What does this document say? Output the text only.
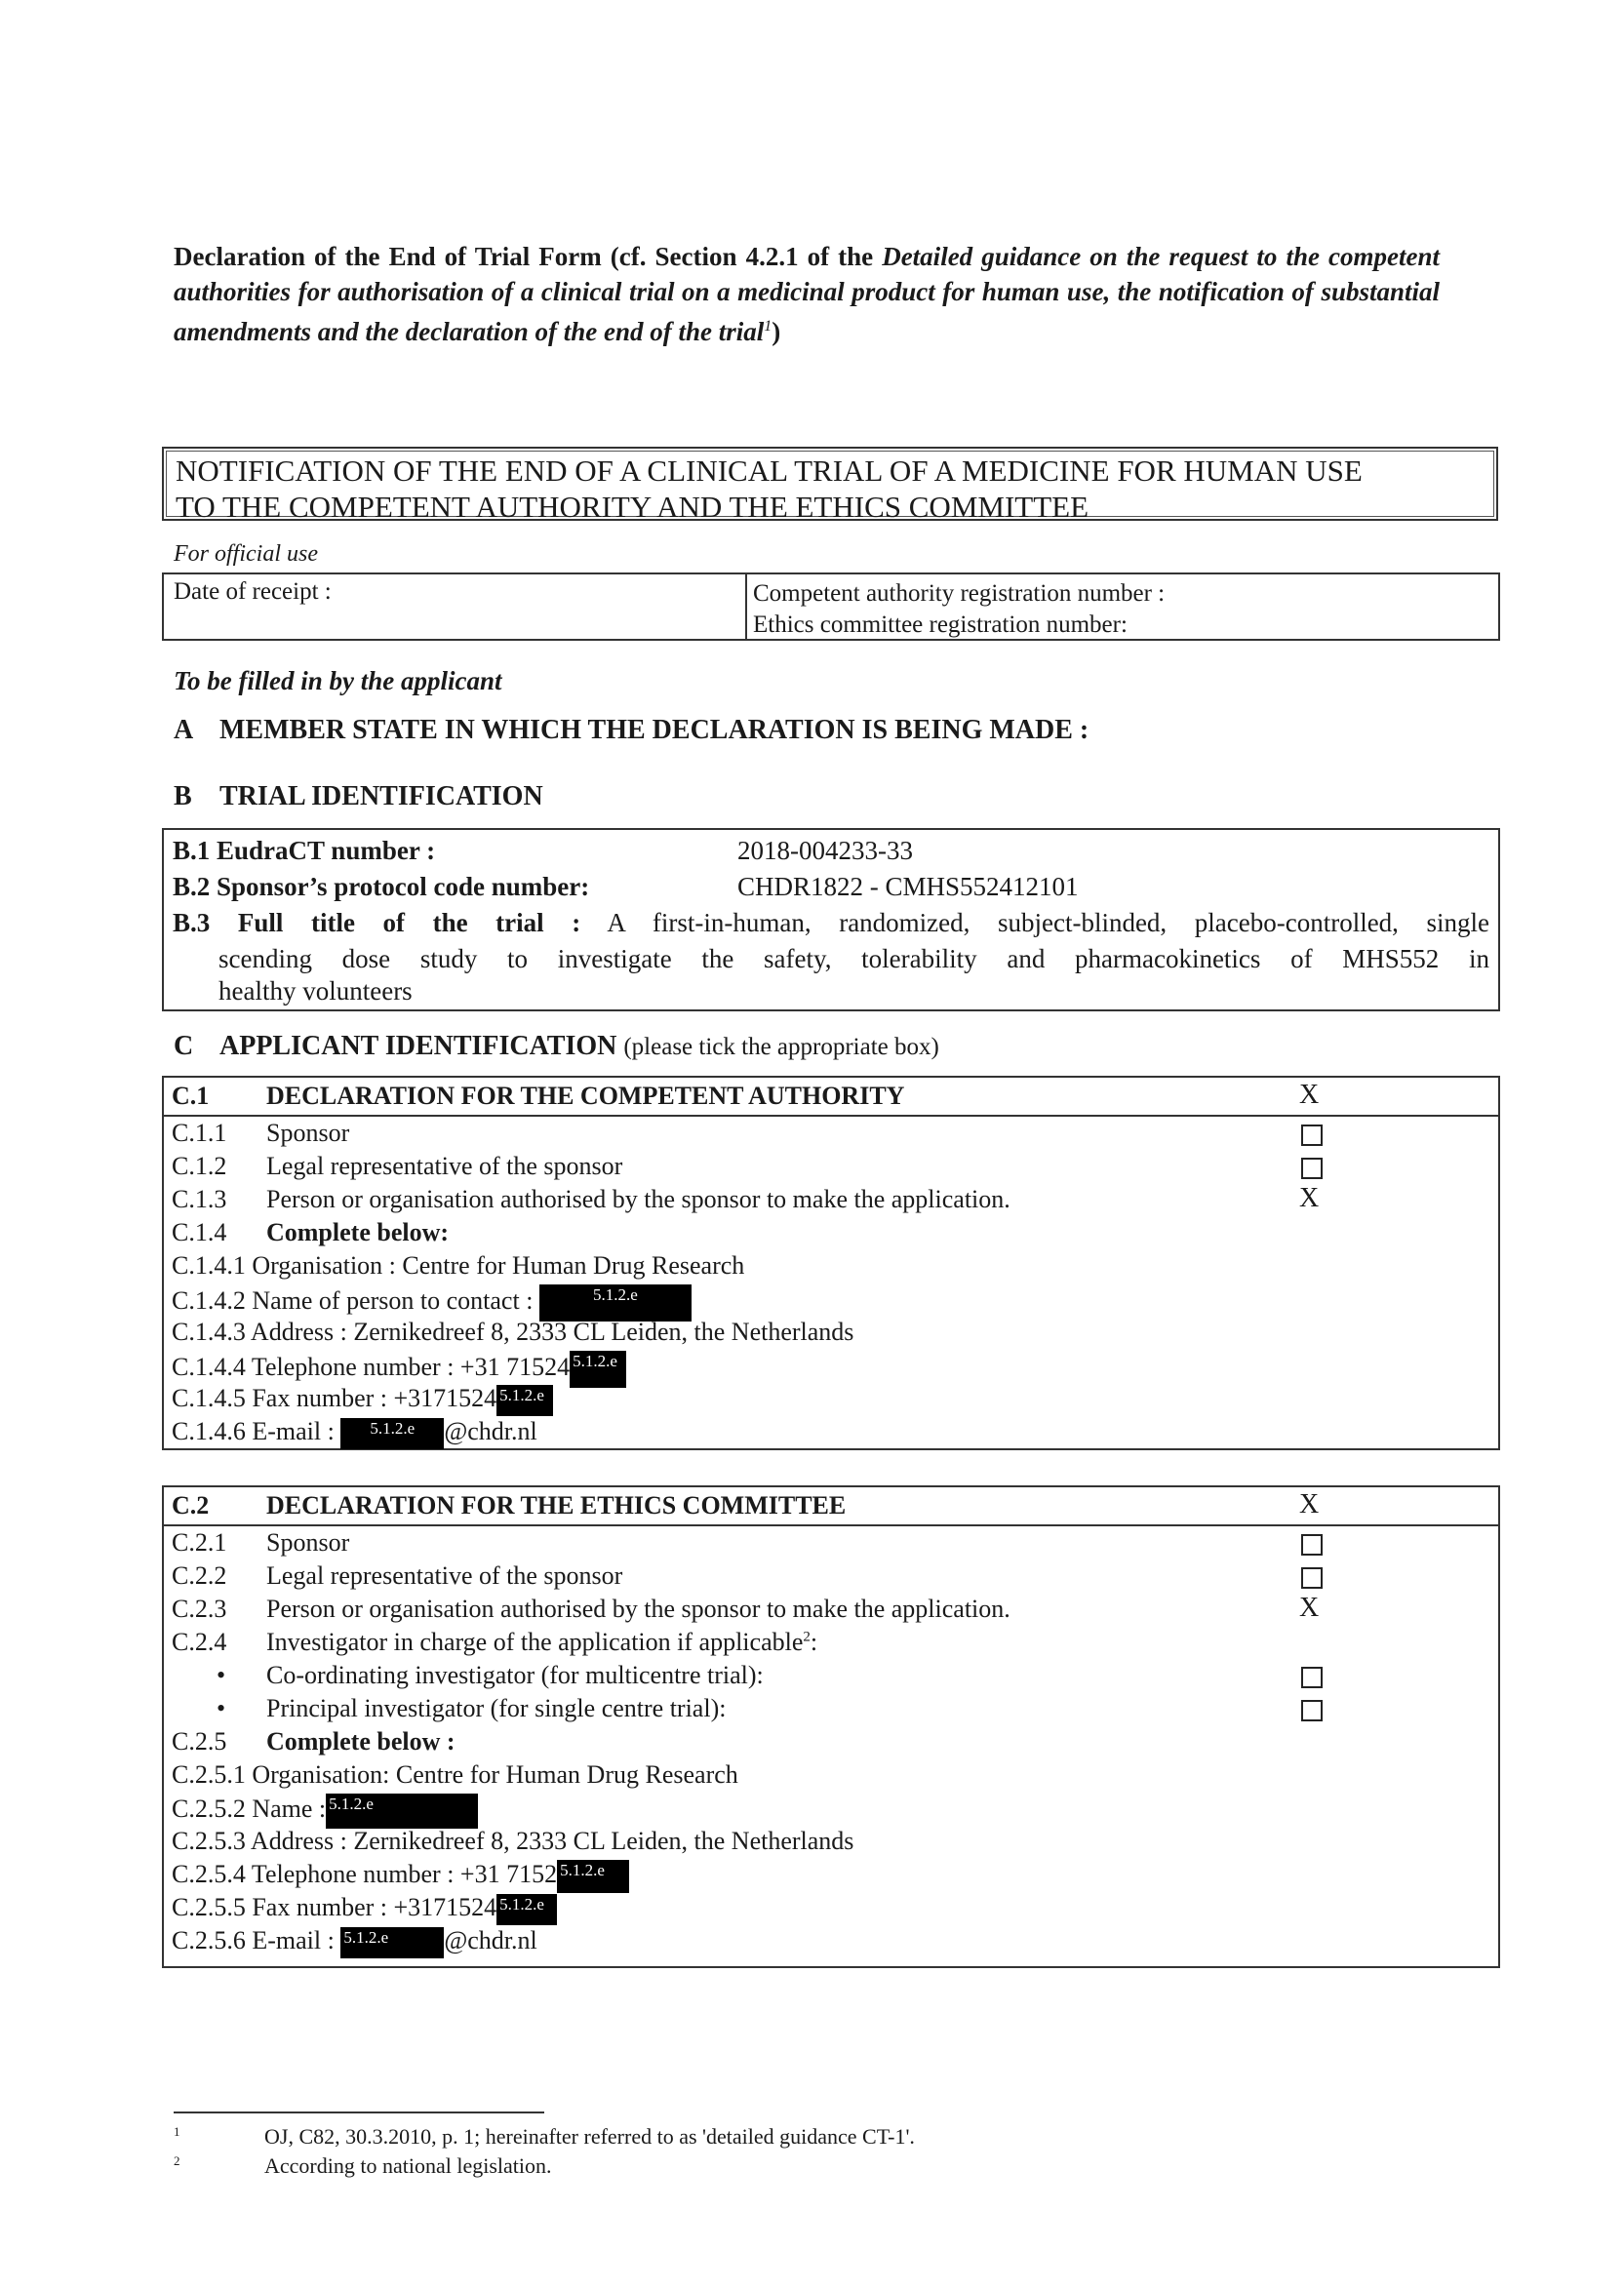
Declaration of the End of Trial Form (cf. Section 4.2.1 of the Detailed guidance on the request to the competent authorities for authorisation of a clinical trial on a medicinal product for human use, the notification of substantial amendments and the declaration of the end of the trial$^1$)
NOTIFICATION OF THE END OF A CLINICAL TRIAL OF A MEDICINE FOR HUMAN USE
TO THE COMPETENT AUTHORITY AND THE ETHICS COMMITTEE
For official use
Date of receipt :	Competent authority registration number :
Ethics committee registration number:
To be filled in by the applicant
A MEMBER STATE IN WHICH THE DECLARATION IS BEING MADE :
B TRIAL IDENTIFICATION
B.1 EudraCT number :	2018-004233-33
B.2 Sponsor’s protocol code number:	CHDR1822 - CMHS552412101
B.3 Full title of the trial : A first-in-human, randomized, subject-blinded, placebo-controlled, single
scending dose study to investigate the safety, tolerability and pharmacokinetics of MHS552 in
healthy volunteers
C APPLICANT IDENTIFICATION (please tick the appropriate box)
C.1 DECLARATION FOR THE COMPETENT AUTHORITY	X
C.1.1 Sponsor
C.1.2 Legal representative of the sponsor
C.1.3 Person or organisation authorised by the sponsor to make the application.	X
C.1.4 Complete below:
C.1.4.1 Organisation : Centre for Human Drug Research
C.1.4.2 Name of person to contact :	5.1.2.e
C.1.4.3 Address : Zernikedreef 8, 2333 CL Leiden, the Netherlands
C.1.4.4 Telephone number : +31 71524 5.1.2.e
C.1.4.5 Fax number : +3171524 5.1.2.e
C.1.4.6 E-mail : 5.1.2.e @chdr.nl
C.2 DECLARATION FOR THE ETHICS COMMITTEE	X
C.2.1 Sponsor
C.2.2 Legal representative of the sponsor
C.2.3 Person or organisation authorised by the sponsor to make the application.	X
C.2.4 Investigator in charge of the application if applicable$^2$:
• Co-ordinating investigator (for multicentre trial):
• Principal investigator (for single centre trial):
C.2.5 Complete below :
C.2.5.1 Organisation: Centre for Human Drug Research
C.2.5.2 Name : 5.1.2.e
C.2.5.3 Address : Zernikedreef 8, 2333 CL Leiden, the Netherlands
C.2.5.4 Telephone number : +31 7152 5.1.2.e
C.2.5.5 Fax number : +3171524 5.1.2.e
C.2.5.6 E-mail : 5.1.2.e @chdr.nl
$^1$	OJ, C82, 30.3.2010, p. 1; hereinafter referred to as 'detailed guidance CT-1'.
$^2$	According to national legislation.
